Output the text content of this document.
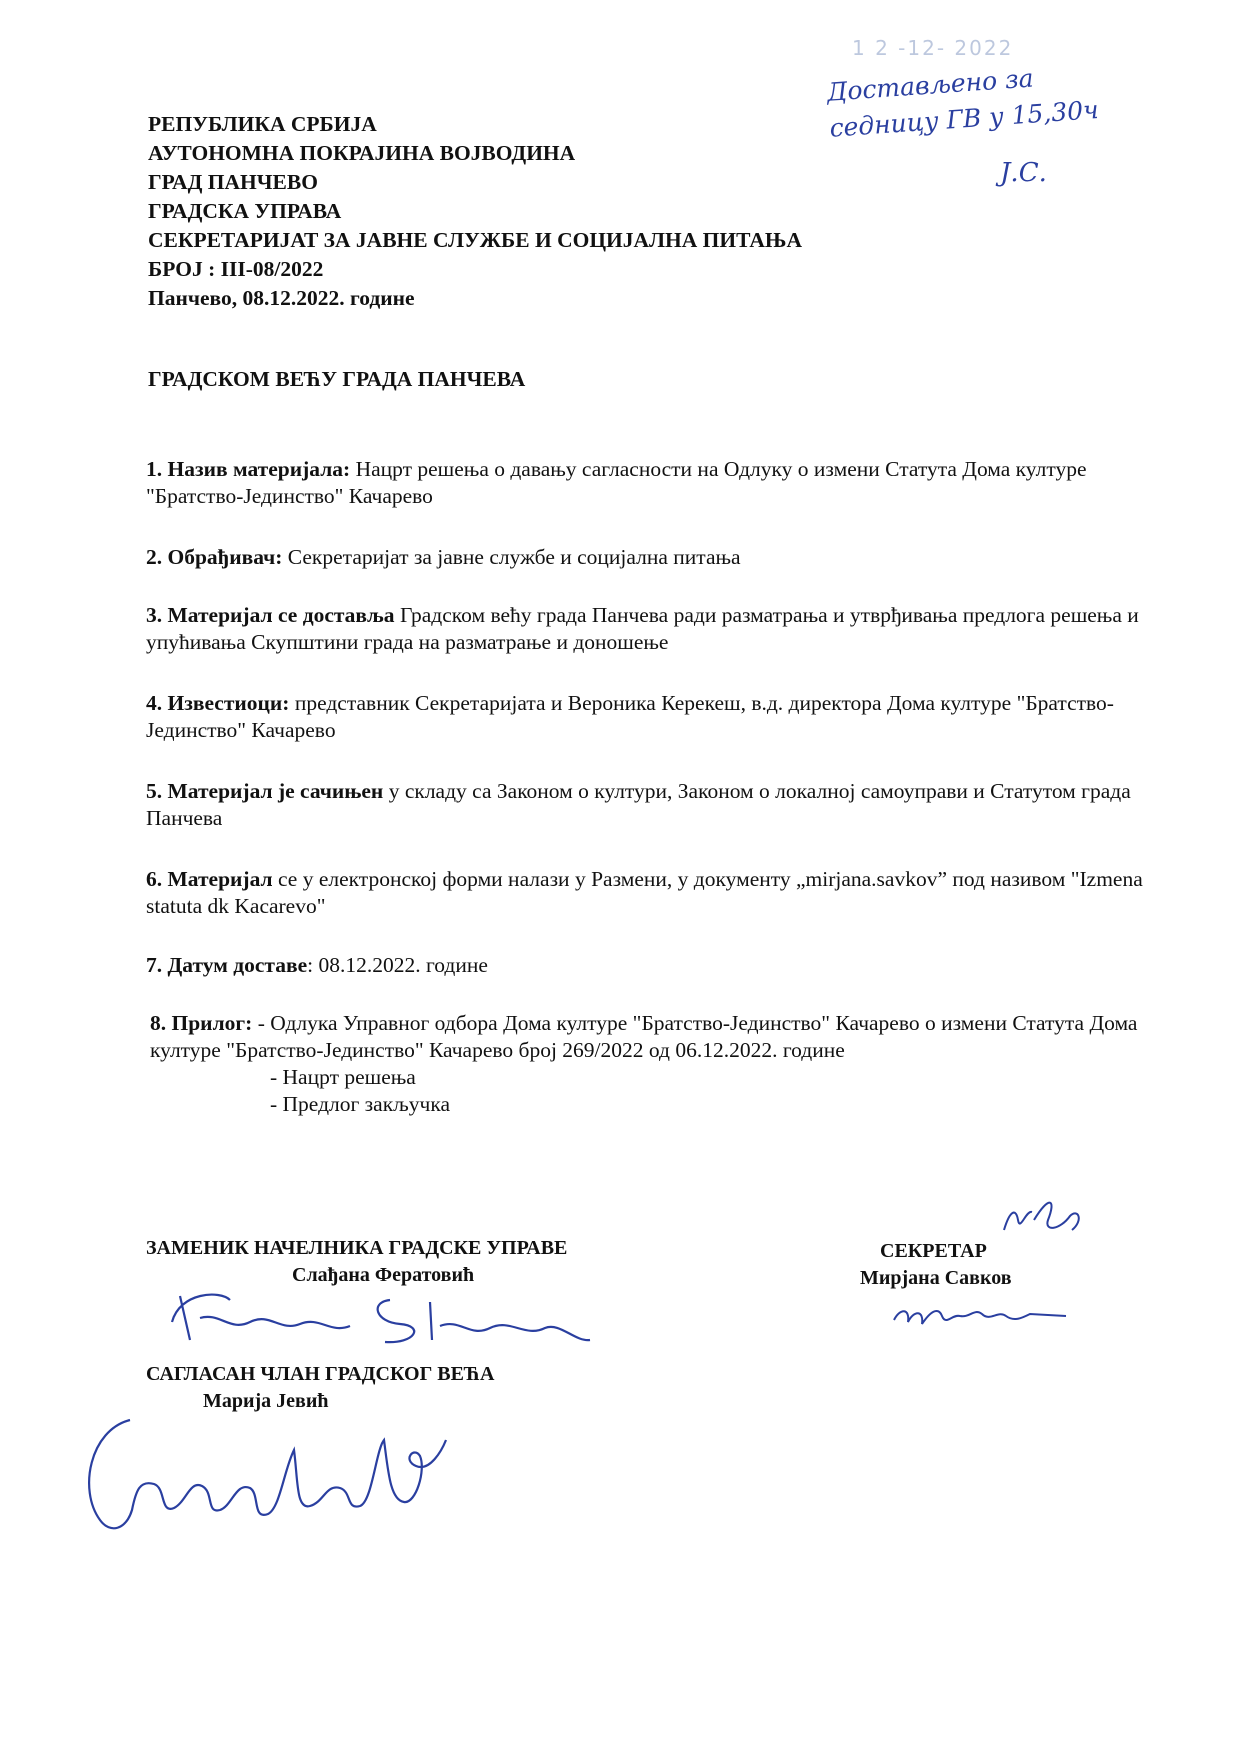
1 2 -12- 2022
Достављено за седницу ГВ у 15,30ч
Ј.С.
РЕПУБЛИКА СРБИЈА
АУТОНОМНА ПОКРАЈИНА ВОЈВОДИНА
ГРАД ПАНЧЕВО
ГРАДСКА УПРАВА
СЕКРЕТАРИЈАТ ЗА ЈАВНЕ СЛУЖБЕ И СОЦИЈАЛНА ПИТАЊА
БРОЈ : III-08/2022
Панчево, 08.12.2022. године
ГРАДСКОМ ВЕЋУ ГРАДА ПАНЧЕВА
1. Назив материјала: Нацрт решења о давању сагласности на Одлуку о измени Статута Дома културе "Братство-Јединство" Качарево
2. Обрађивач: Секретаријат за јавне службе и социјална питања
3. Материјал се доставља Градском већу града Панчева ради разматрања и утврђивања предлога решења и упућивања Скупштини града на разматрање и доношење
4. Известиоци: представник Секретаријата и Вероника Керекеш, в.д. директора Дома културе "Братство-Јединство" Качарево
5. Материјал је сачињен у складу са Законом о култури, Законом о локалној самоуправи и Статутом града Панчева
6. Материјал се у електронској форми налази у Размени, у документу „mirjana.savkov” под називом "Izmena statuta dk Kacarevo"
7. Датум доставе: 08.12.2022. године
8. Прилог: - Одлука Управног одбора Дома културе "Братство-Јединство" Качарево о измени Статута Дома културе "Братство-Јединство" Качарево број 269/2022 од 06.12.2022. године
- Нацрт решења
- Предлог закључка
ЗАМЕНИК НАЧЕЛНИКА ГРАДСКЕ УПРАВЕ
Слађана Фератовић
СЕКРЕТАР
Мирјана Савков
САГЛАСАН ЧЛАН ГРАДСКОГ ВЕЋА
Марија Јевић
